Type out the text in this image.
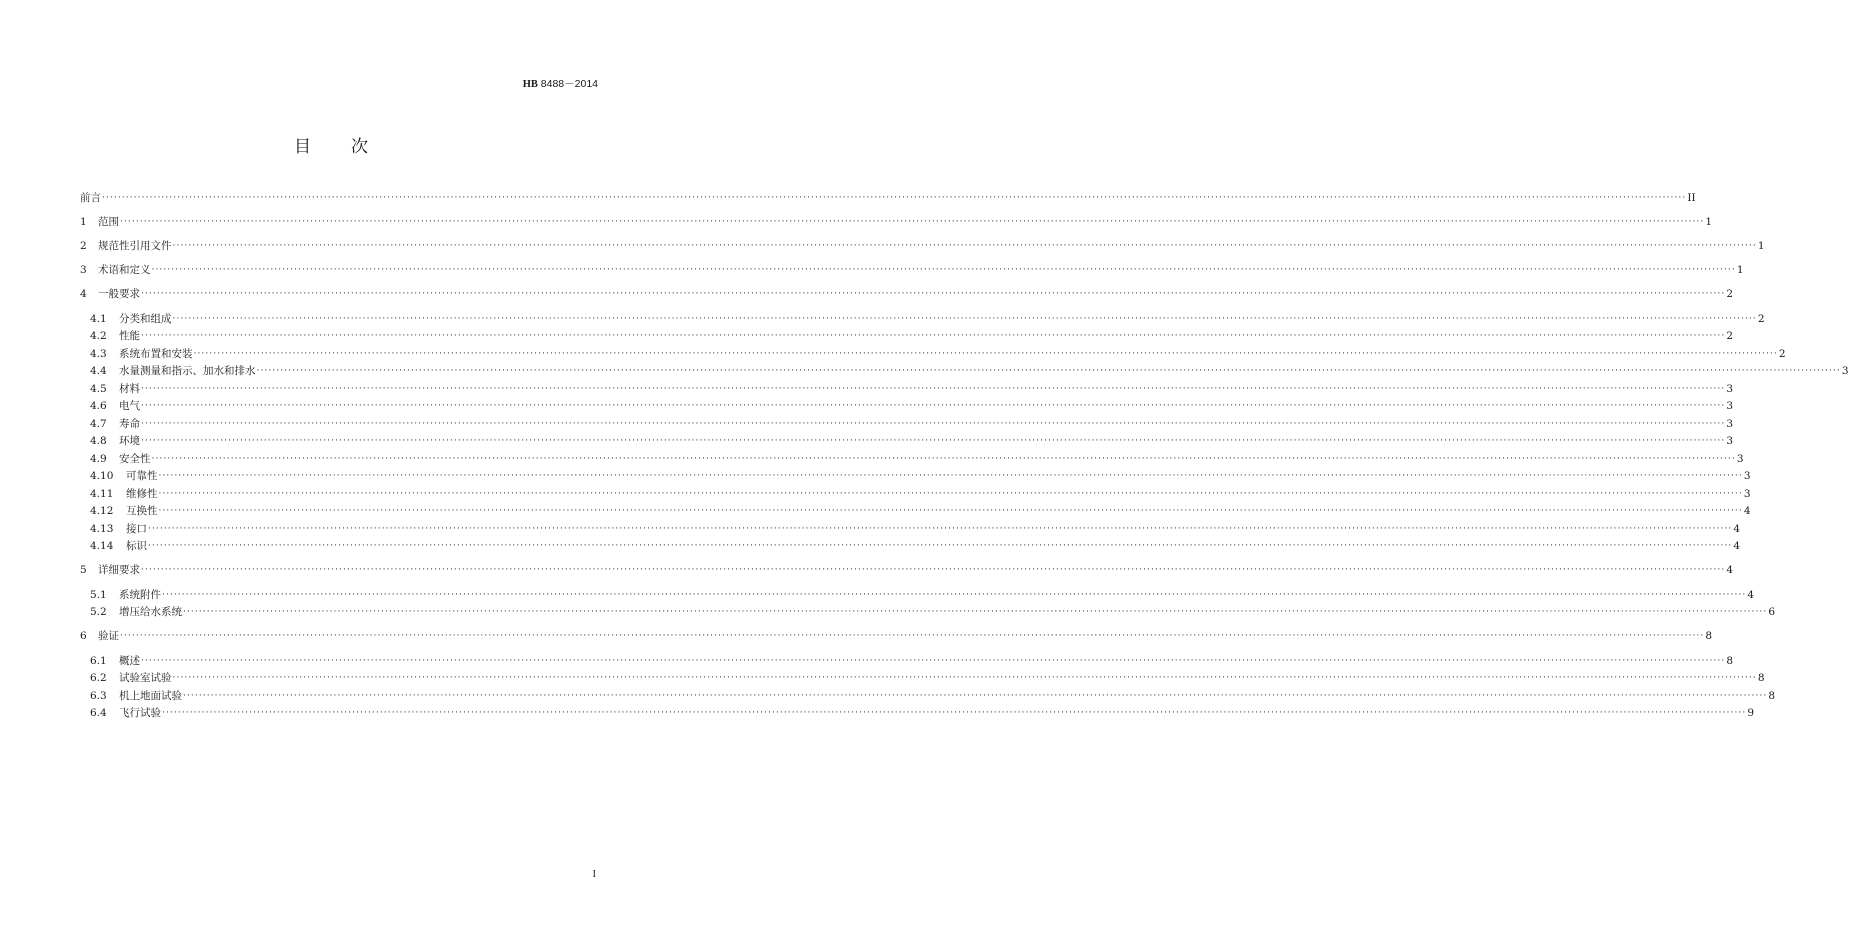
HB 8488－2014
目 次
前言 ················································································································································································································································································································································································································ II
1	范围 ················································································································································································································································································································································································································ 1
2	规范性引用文件 ················································································································································································································································································································································································································ 1
3	术语和定义 ················································································································································································································································································································································································································ 1
4	一般要求 ················································································································································································································································································································································································································ 2
4.1	分类和组成 ················································································································································································································································································································································································································ 2
4.2	性能 ················································································································································································································································································································································································································ 2
4.3	系统布置和安装 ················································································································································································································································································································································································································ 2
4.4	水量测量和指示、加水和排水 ················································································································································································································································································································································································································ 3
4.5	材料 ················································································································································································································································································································································································································ 3
4.6	电气 ················································································································································································································································································································································································································ 3
4.7	寿命 ················································································································································································································································································································································································································ 3
4.8	环境 ················································································································································································································································································································································································································ 3
4.9	安全性 ················································································································································································································································································································································································································ 3
4.10	可靠性 ················································································································································································································································································································································································································ 3
4.11	维修性 ················································································································································································································································································································································································································ 3
4.12	互换性 ················································································································································································································································································································································································································ 4
4.13	接口 ················································································································································································································································································································································································································ 4
4.14	标识 ················································································································································································································································································································································································································ 4
5	详细要求 ················································································································································································································································································································································································································ 4
5.1	系统附件 ················································································································································································································································································································································································································ 4
5.2	增压给水系统 ················································································································································································································································································································································································································ 6
6	验证 ················································································································································································································································································································································································································ 8
6.1	概述 ················································································································································································································································································································································································································ 8
6.2	试验室试验 ················································································································································································································································································································································································································ 8
6.3	机上地面试验 ················································································································································································································································································································································································································ 8
6.4	飞行试验 ················································································································································································································································································································································································································ 9
I
